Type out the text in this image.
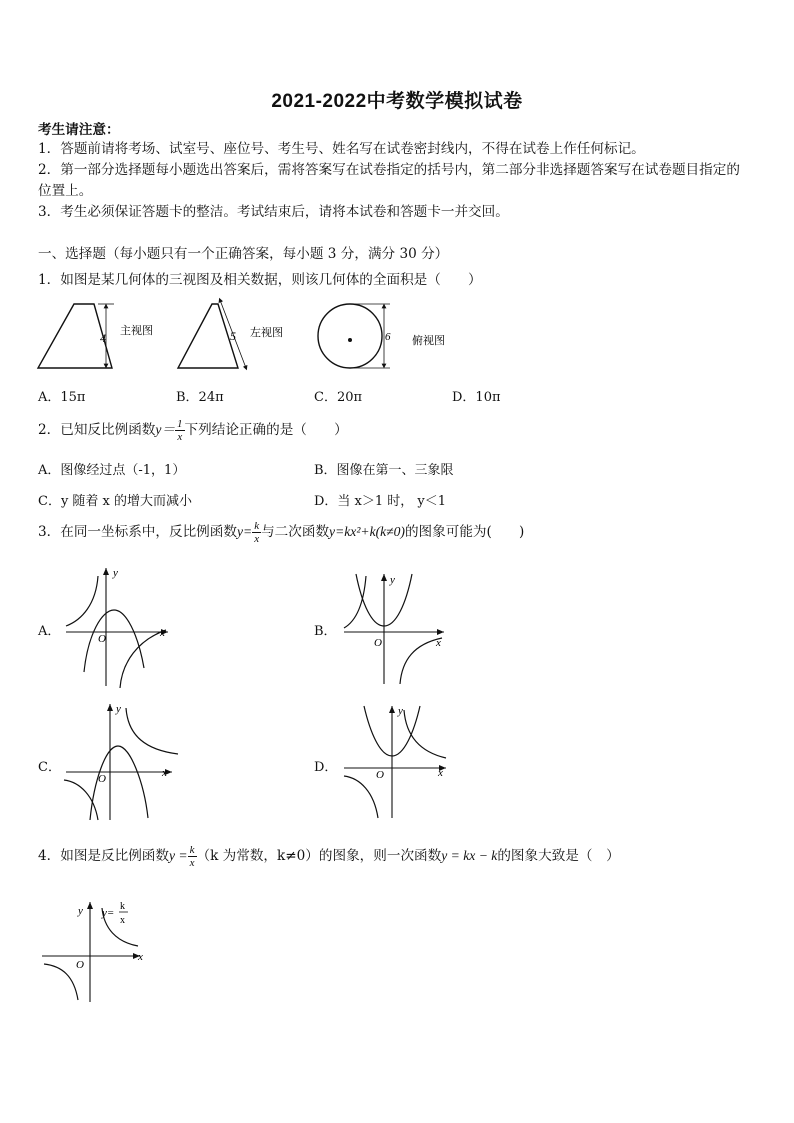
2021-2022中考数学模拟试卷
考生请注意：
1．答题前请将考场、试室号、座位号、考生号、姓名写在试卷密封线内，不得在试卷上作任何标记。
2．第一部分选择题每小题选出答案后，需将答案写在试卷指定的括号内，第二部分非选择题答案写在试卷题目指定的
位置上。
3．考生必须保证答题卡的整洁。考试结束后，请将本试卷和答题卡一并交回。
一、选择题（每小题只有一个正确答案，每小题 3 分，满分 30 分）
1．如图是某几何体的三视图及相关数据，则该几何体的全面积是（　　）
4
主视图	5 左视图	6 俯视图
A．15π	B．24π	C．20π	D．10π
2．已知反比例函数$y= \frac{1}{x}$ 下列结论正确的是（　　）
A．图像经过点（-1，1）	B．图像在第一、三象限
C．y 随着 x 的增大而减小	D．当 x＞1 时， y＜1
3．在同一坐标系中，反比例函数$y= \frac{k}{x}$ 与二次函数y=kx²+k(k≠0)的图象可能为(　　)
A．
y
x
O	B．
y
x
O
C．
y
x
O
D．
y
x
O
4．如图是反比例函数$y = \frac{k}{x} (k$ 为常数，k≠0）的图象，则一次函数y = kx − k的图象大致是（　）
y
x
O
y=
k
x
